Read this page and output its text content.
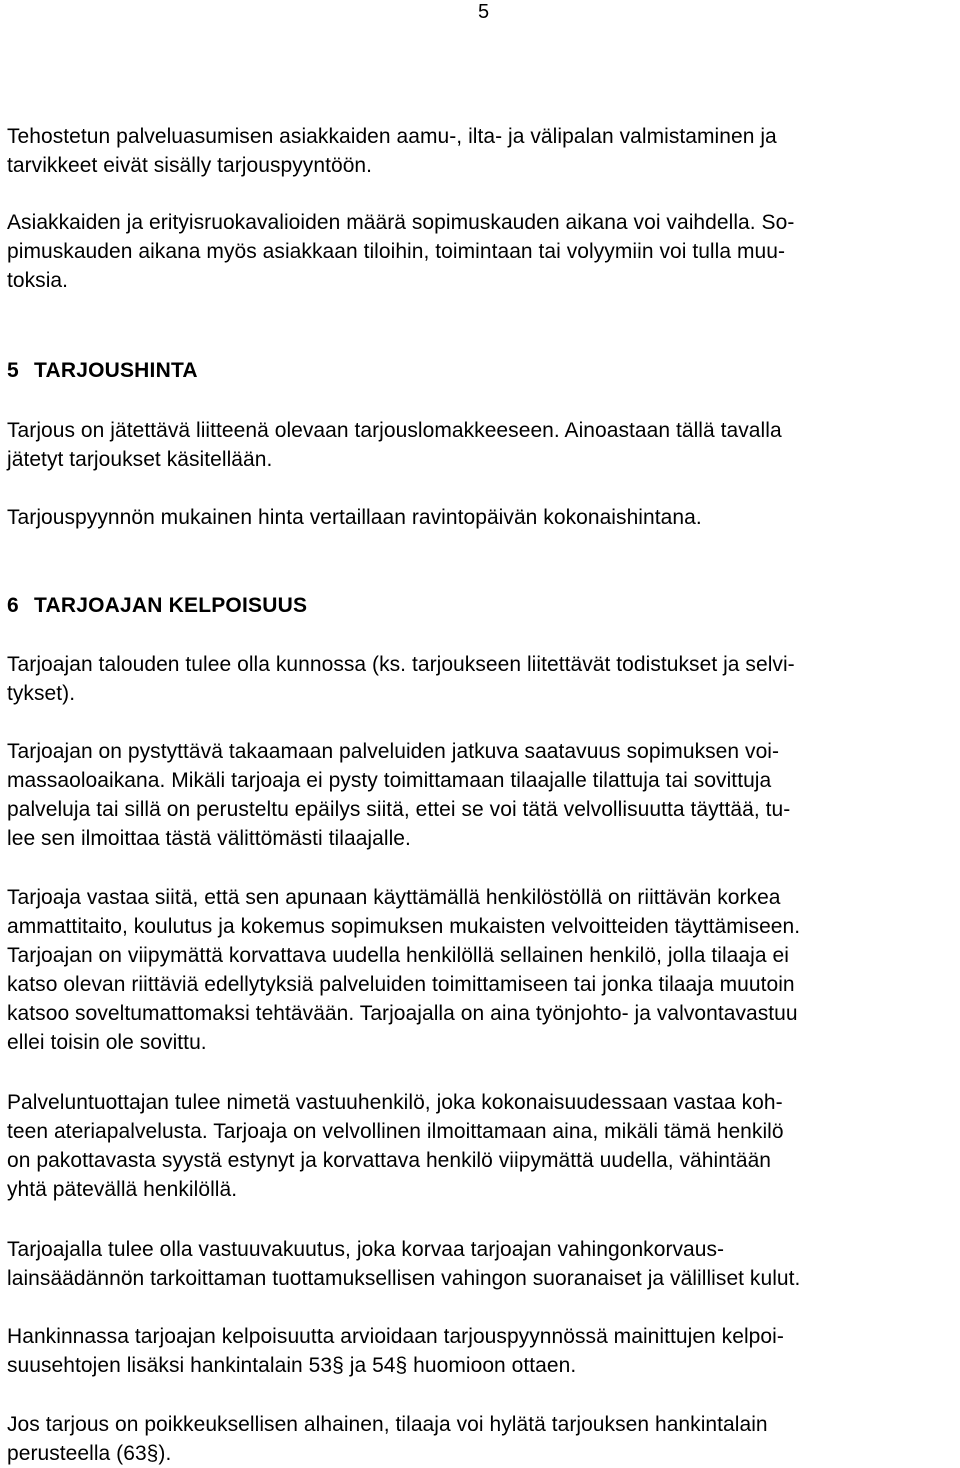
5
Tehostetun palveluasumisen asiakkaiden aamu-, ilta- ja välipalan valmistaminen ja
tarvikkeet eivät sisälly tarjouspyyntöön.
Asiakkaiden ja erityisruokavalioiden määrä sopimuskauden aikana voi vaihdella. So-
pimuskauden aikana myös asiakkaan tiloihin, toimintaan tai volyymiin voi tulla muu-
toksia.
5 TARJOUSHINTA
Tarjous on jätettävä liitteenä olevaan tarjouslomakkeeseen. Ainoastaan tällä tavalla
jätetyt tarjoukset käsitellään.
Tarjouspyynnön mukainen hinta vertaillaan ravintopäivän kokonaishintana.
6 TARJOAJAN KELPOISUUS
Tarjoajan talouden tulee olla kunnossa (ks. tarjoukseen liitettävät todistukset ja selvi-
tykset).
Tarjoajan on pystyttävä takaamaan palveluiden jatkuva saatavuus sopimuksen voi-
massaoloaikana. Mikäli tarjoaja ei pysty toimittamaan tilaajalle tilattuja tai sovittuja
palveluja tai sillä on perusteltu epäilys siitä, ettei se voi tätä velvollisuutta täyttää, tu-
lee sen ilmoittaa tästä välittömästi tilaajalle.
Tarjoaja vastaa siitä, että sen apunaan käyttämällä henkilöstöllä on riittävän korkea
ammattitaito, koulutus ja kokemus sopimuksen mukaisten velvoitteiden täyttämiseen.
Tarjoajan on viipymättä korvattava uudella henkilöllä sellainen henkilö, jolla tilaaja ei
katso olevan riittäviä edellytyksiä palveluiden toimittamiseen tai jonka tilaaja muutoin
katsoo soveltumattomaksi tehtävään. Tarjoajalla on aina työnjohto- ja valvontavastuu
ellei toisin ole sovittu.
Palveluntuottajan tulee nimetä vastuuhenkilö, joka kokonaisuudessaan vastaa koh-
teen ateriapalvelusta. Tarjoaja on velvollinen ilmoittamaan aina, mikäli tämä henkilö
on pakottavasta syystä estynyt ja korvattava henkilö viipymättä uudella, vähintään
yhtä pätevällä henkilöllä.
Tarjoajalla tulee olla vastuuvakuutus, joka korvaa tarjoajan vahingonkorvaus-
lainsäädännön tarkoittaman tuottamuksellisen vahingon suoranaiset ja välilliset kulut.
Hankinnassa tarjoajan kelpoisuutta arvioidaan tarjouspyynnössä mainittujen kelpoi-
suusehtojen lisäksi hankintalain 53§ ja 54§ huomioon ottaen.
Jos tarjous on poikkeuksellisen alhainen, tilaaja voi hylätä tarjouksen hankintalain
perusteella (63§).
